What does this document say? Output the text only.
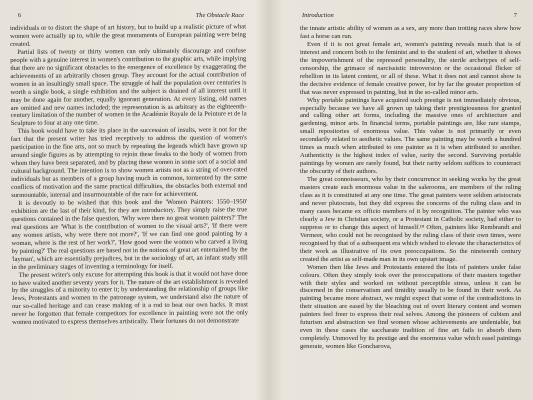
6	The Obstacle Race

individuals or to distort the shape of art history, but to build up a realistic picture of what women were actually up to, while the great monuments of European painting were being created.

Partial lists of twenty or thirty women can only ultimately discourage and confuse people with a genuine interest in women's contribution to the graphic arts, while implying that there are no significant obstacles to the emergence of excellence by exaggerating the achievements of an arbitrarily chosen group. They account for the actual contribution of women in an insultingly small space. The struggle of half the population over centuries is worth a single book, a single exhibition and the subject is drained of all interest until it may be done again for another, equally ignorant generation. At every listing, old names are omitted and new names included; the representation is as arbitrary as the eighteenth-century limitation of the number of women in the Académie Royale de la Peinture et de la Sculpture to four at any one time.

This book would have to take its place in the succession of insults, were it not for the fact that the present writer has tried receptively to address the question of women's participation in the fine arts, not so much by repeating the legends which have grown up around single figures as by attempting to rejoin these freaks to the body of women from whom they have been separated, and by placing these women in some sort of a social and cultural background. The intention is to show women artists not as a string of over-rated individuals but as members of a group having much in common, tormented by the same conflicts of motivation and the same practical difficulties, the obstacles both external and surmountable, internal and insurmountable of the race for achievement.

It is devoutly to be wished that this book and the 'Women Painters: 1550–1950' exhibition are the last of their kind, for they are introductory. They simply raise the true questions contained in the false question, 'Why were there no great women painters?' The real questions are 'What is the contribution of women to the visual arts?', 'If there were any women artists, why were there not more?', 'If we can find one good painting by a woman, where is the rest of her work?', 'How good were the women who carved a living by painting?' The real questions are based not in the notions of great art entertained by the 'layman', which are essentially prejudices, but in the sociology of art, an infant study still in the preliminary stages of inventing a terminology for itself.

The present writer's only excuse for attempting this book is that it would not have done to have waited another seventy years for it. The nature of the art establishment is revealed by the struggles of a minority to enter it; by understanding the relationship of groups like Jews, Protestants and women to the patronage system, we understand also the nature of our so-called heritage and can cease making of it a rod to beat our own backs. It must never be forgotten that female competitors for excellence in painting were not the only women motivated to express themselves artistically. Their fortunes do not demonstrate

Introduction	7

the innate artistic ability of women as a sex, any more than trotting races show how fast a horse can run.

Even if it is not great female art, women's painting reveals much that is of interest and concern both to the feminist and to the student of art, whether it shows the impoverishment of the repressed personality, the sterile archetypes of self-censorship, the grimace of narcissistic introversion or the occasional flicker of rebellion in its latent content, or all of these. What it does not and cannot show is the decisive evidence of female creative power, for by far the greater proportion of that was never expressed in painting, but in the so-called minor arts.

Why portable paintings have acquired such prestige is not immediately obvious, especially because we have all grown up taking their prestigiousness for granted and calling other art forms, including the massive ones of architecture and gardening, minor arts. In financial terms, portable paintings are, like rare stamps, small repositories of enormous value. This value is not primarily or even secondarily related to aesthetic values. The same painting may be worth a hundred times as much when attributed to one painter as it is when attributed to another. Authenticity is the highest index of value, rarity the second. Surviving portable paintings by women are rarely found, but their rarity seldom suffices to counteract the obscurity of their authors.

The great connoisseurs, who by their concurrence in seeking works by the great masters create such enormous value in the salerooms, are members of the ruling class as it is constituted at any one time. The great painters were seldom aristocrats and never plutocrats, but they did express the concerns of the ruling class and in many cases became ex officio members of it by recognition. The painter who was clearly a Jew in Christian society, or a Protestant in Catholic society, had either to suppress or to change this aspect of himself.¹⁸ Often, painters like Rembrandt and Vermeer, who could not be recognised by the ruling class of their own times, were recognised by that of a subsequent era which wished to elevate the characteristics of their work as illustrative of its own preoccupations. So the nineteenth century created the artist as self-made man in its own upstart image.

Women then like Jews and Protestants entered the lists of painters under false colours. Often they simply took over the preoccupations of their masters together with their styles and worked on without perceptible stress, unless it can be discerned in the conservatism and timidity usually to be found in their work. As painting became more abstract, we might expect that some of the contradictions in their situation are eased by the bleaching out of overt literary content and women painters feel freer to express their real selves. Among the pioneers of cubism and futurism and abstraction we find women whose achievements are undeniable, but even in these cases the saccharate tradition of fine art fails to absorb them completely. Unmoved by its prestige and the enormous value which easel paintings generate, women like Goncharova,
